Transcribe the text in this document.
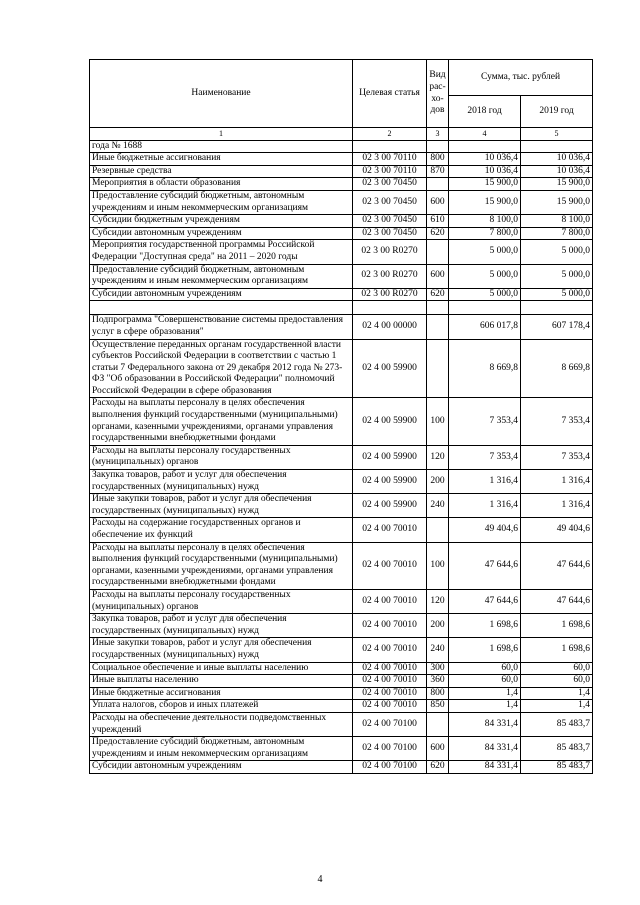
Наименование	Целевая статья	Вид рас-хо-дов	Сумма, тыс. рублей	
			2018 год	2019 год
1	2	3	4	5
года № 1688				
Иные бюджетные ассигнования	02 3 00 70110	800	10 036,4	10 036,4
Резервные средства	02 3 00 70110	870	10 036,4	10 036,4
Мероприятия в области образования	02 3 00 70450		15 900,0	15 900,0
Предоставление субсидий бюджетным, автономным учреждениям и иным некоммерческим организациям	02 3 00 70450	600	15 900,0	15 900,0
Субсидии бюджетным учреждениям	02 3 00 70450	610	8 100,0	8 100,0
Субсидии автономным учреждениям	02 3 00 70450	620	7 800,0	7 800,0
Мероприятия государственной программы Российской Федерации "Доступная среда" на 2011 – 2020 годы	02 3 00 R0270		5 000,0	5 000,0
Предоставление субсидий бюджетным, автономным учреждениям и иным некоммерческим организациям	02 3 00 R0270	600	5 000,0	5 000,0
Субсидии автономным учреждениям	02 3 00 R0270	620	5 000,0	5 000,0

Подпрограмма "Совершенствование системы предоставления услуг в сфере образования"	02 4 00 00000		606 017,8	607 178,4
Осуществление переданных органам государственной власти субъектов Российской Федерации в соответствии с частью 1 статьи 7 Федерального закона от 29 декабря 2012 года № 273-ФЗ "Об образовании в Российской Федерации" полномочий Российской Федерации в сфере образования	02 4 00 59900		8 669,8	8 669,8
Расходы на выплаты персоналу в целях обеспечения выполнения функций государственными (муниципальными) органами, казенными учреждениями, органами управления государственными внебюджетными фондами	02 4 00 59900	100	7 353,4	7 353,4
Расходы на выплаты персоналу государственных (муниципальных) органов	02 4 00 59900	120	7 353,4	7 353,4
Закупка товаров, работ и услуг для обеспечения государственных (муниципальных) нужд	02 4 00 59900	200	1 316,4	1 316,4
Иные закупки товаров, работ и услуг для обеспечения государственных (муниципальных) нужд	02 4 00 59900	240	1 316,4	1 316,4
Расходы на содержание государственных органов и обеспечение их функций	02 4 00 70010		49 404,6	49 404,6
Расходы на выплаты персоналу в целях обеспечения выполнения функций государственными (муниципальными) органами, казенными учреждениями, органами управления государственными внебюджетными фондами	02 4 00 70010	100	47 644,6	47 644,6
Расходы на выплаты персоналу государственных (муниципальных) органов	02 4 00 70010	120	47 644,6	47 644,6
Закупка товаров, работ и услуг для обеспечения государственных (муниципальных) нужд	02 4 00 70010	200	1 698,6	1 698,6
Иные закупки товаров, работ и услуг для обеспечения государственных (муниципальных) нужд	02 4 00 70010	240	1 698,6	1 698,6
Социальное обеспечение и иные выплаты населению	02 4 00 70010	300	60,0	60,0
Иные выплаты населению	02 4 00 70010	360	60,0	60,0
Иные бюджетные ассигнования	02 4 00 70010	800	1,4	1,4
Уплата налогов, сборов и иных платежей	02 4 00 70010	850	1,4	1,4
Расходы на обеспечение деятельности подведомственных учреждений	02 4 00 70100		84 331,4	85 483,7
Предоставление субсидий бюджетным, автономным учреждениям и иным некоммерческим организациям	02 4 00 70100	600	84 331,4	85 483,7
Субсидии автономным учреждениям	02 4 00 70100	620	84 331,4	85 483,7
4
